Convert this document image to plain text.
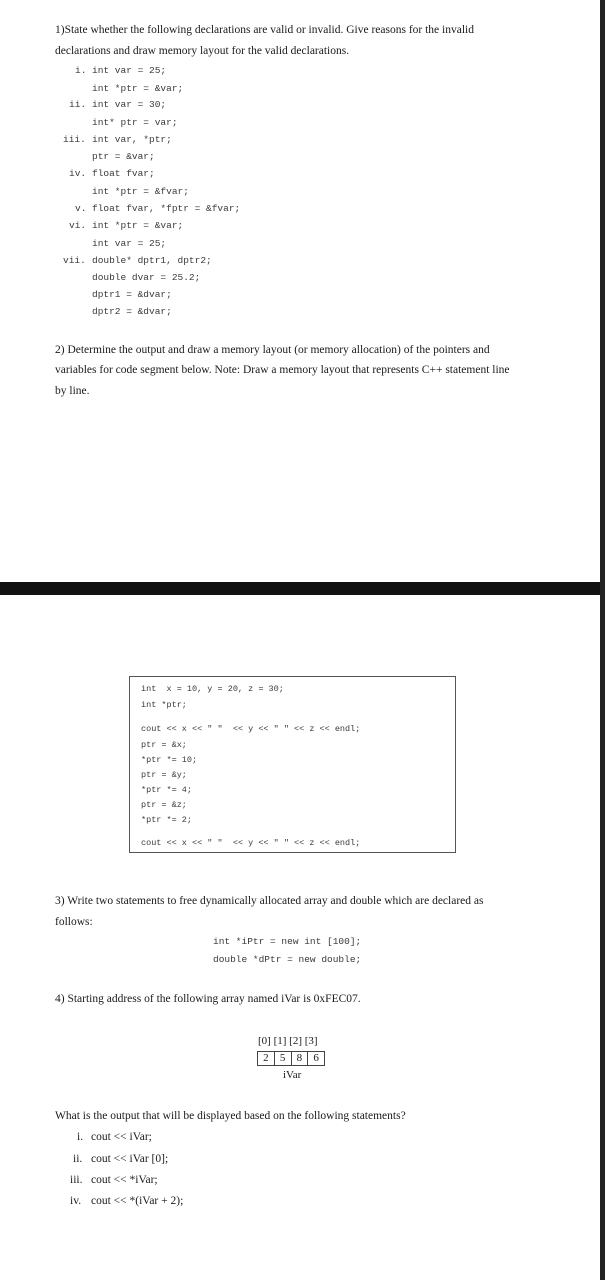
1)State whether the following declarations are valid or invalid. Give reasons for the invalid
declarations and draw memory layout for the valid declarations.
i. int var = 25;
int *ptr = &var;
ii. int var = 30;
int* ptr = var;
iii. int var, *ptr;
ptr = &var;
iv. float fvar;
int *ptr = &fvar;
v. float fvar, *fptr = &fvar;
vi. int *ptr = &var;
int var = 25;
vii. double* dptr1, dptr2;
double dvar = 25.2;
dptr1 = &dvar;
dptr2 = &dvar;
2) Determine the output and draw a memory layout (or memory allocation) of the pointers and
variables for code segment below. Note: Draw a memory layout that represents C++ statement line
by line.
int  x = 10, y = 20, z = 30;
int *ptr;
cout << x << " "  << y << " " << z << endl;
ptr = &x;
*ptr *= 10;
ptr = &y;
*ptr *= 4;
ptr = &z;
*ptr *= 2;
cout << x << " "  << y << " " << z << endl;
3) Write two statements to free dynamically allocated array and double which are declared as
follows:
int *iPtr = new int [100];
double *dPtr = new double;
4) Starting address of the following array named iVar is 0xFEC07.
[0] [1] [2] [3]
2	5	8	6
iVar
What is the output that will be displayed based on the following statements?
i. cout << iVar;
ii. cout << iVar [0];
iii. cout << *iVar;
iv. cout << *(iVar + 2);
